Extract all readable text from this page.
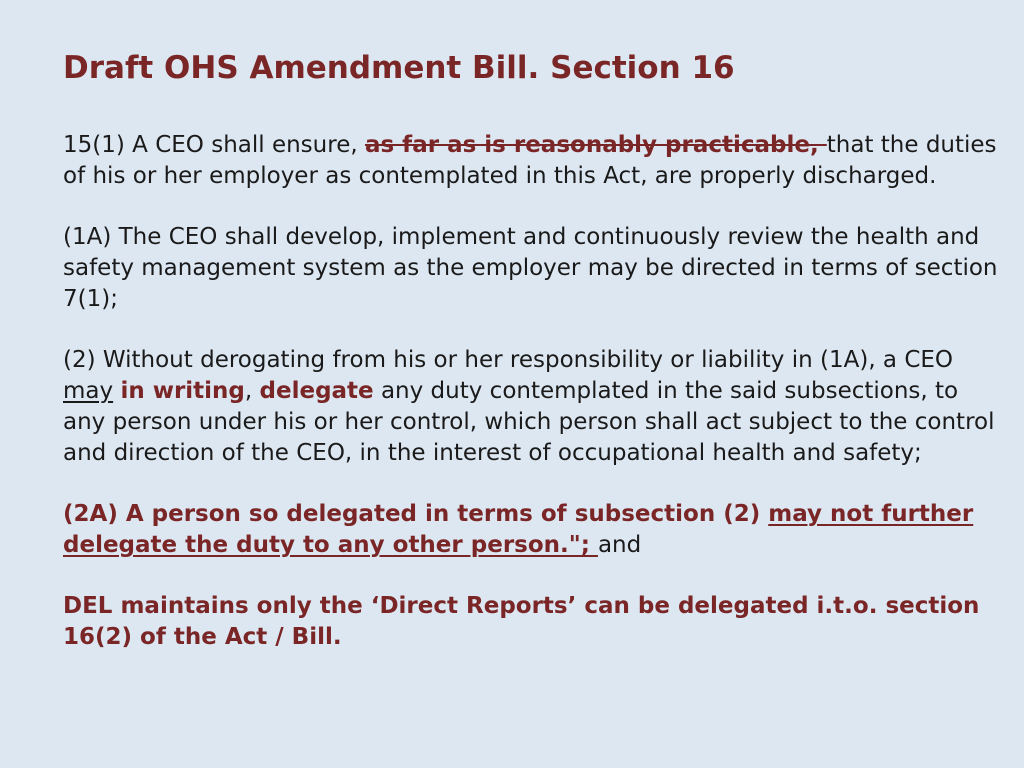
Draft OHS Amendment Bill. Section 16

15(1) A CEO shall ensure, as far as is reasonably practicable, that the duties of his or her employer as contemplated in this Act, are properly discharged.

(1A) The CEO shall develop, implement and continuously review the health and safety management system as the employer may be directed in terms of section 7(1);

(2) Without derogating from his or her responsibility or liability in (1A), a CEO may in writing, delegate any duty contemplated in the said subsections, to any person under his or her control, which person shall act subject to the control and direction of the CEO, in the interest of occupational health and safety;

(2A) A person so delegated in terms of subsection (2) may not further delegate the duty to any other person."; and

DEL maintains only the ‘Direct Reports’ can be delegated i.t.o. section 16(2) of the Act / Bill.
